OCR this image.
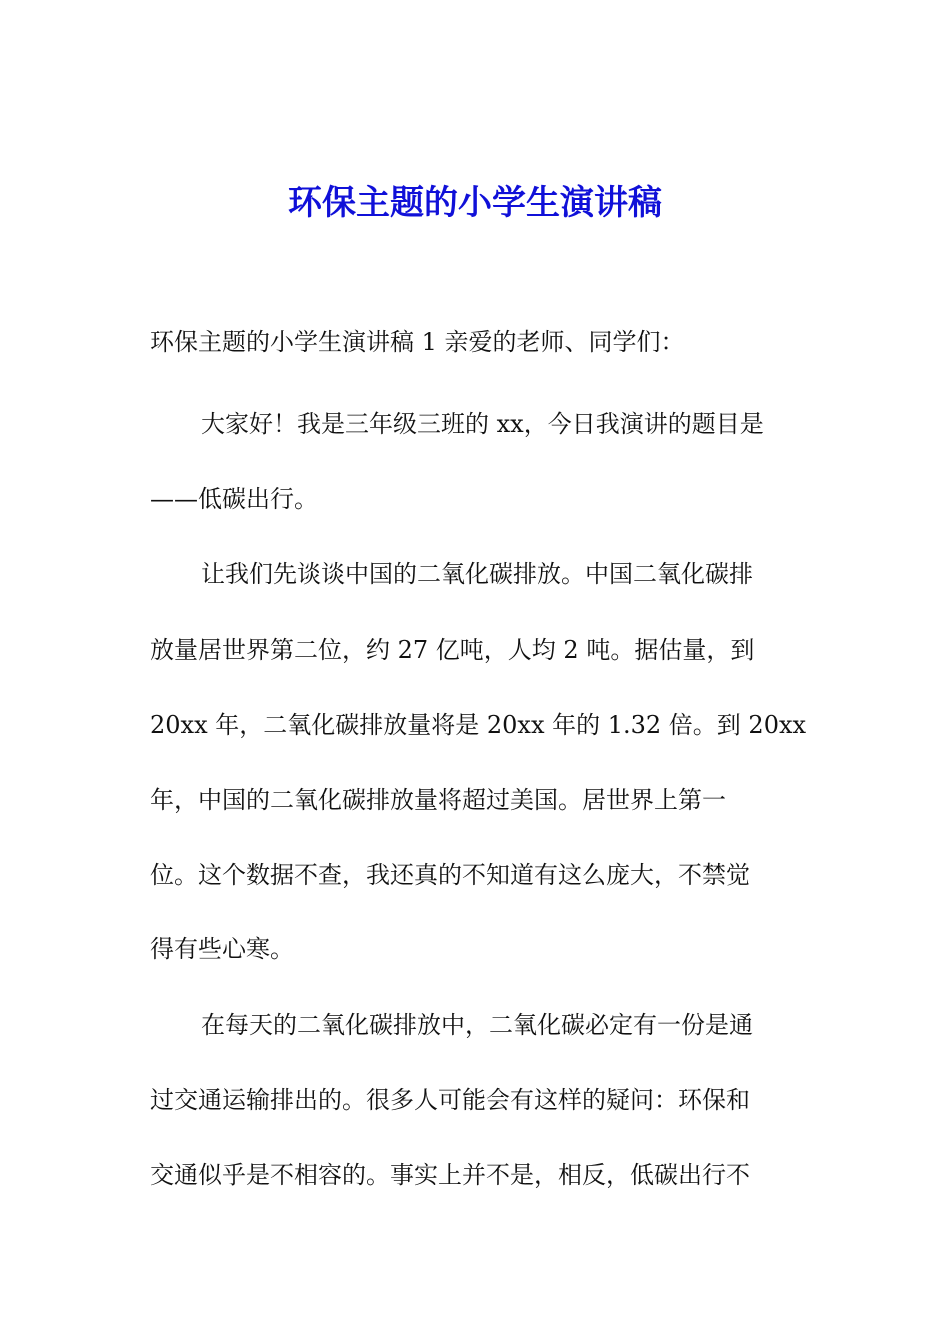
环保主题的小学生演讲稿

环保主题的小学生演讲稿 1 亲爱的老师、同学们：

大家好！我是三年级三班的 xx，今日我演讲的题目是

——低碳出行。

让我们先谈谈中国的二氧化碳排放。中国二氧化碳排

放量居世界第二位，约 27 亿吨，人均 2 吨。据估量，到

20xx 年，二氧化碳排放量将是 20xx 年的 1.32 倍。到 20xx

年，中国的二氧化碳排放量将超过美国。居世界上第一

位。这个数据不查，我还真的不知道有这么庞大，不禁觉

得有些心寒。

在每天的二氧化碳排放中，二氧化碳必定有一份是通

过交通运输排出的。很多人可能会有这样的疑问：环保和

交通似乎是不相容的。事实上并不是，相反，低碳出行不
